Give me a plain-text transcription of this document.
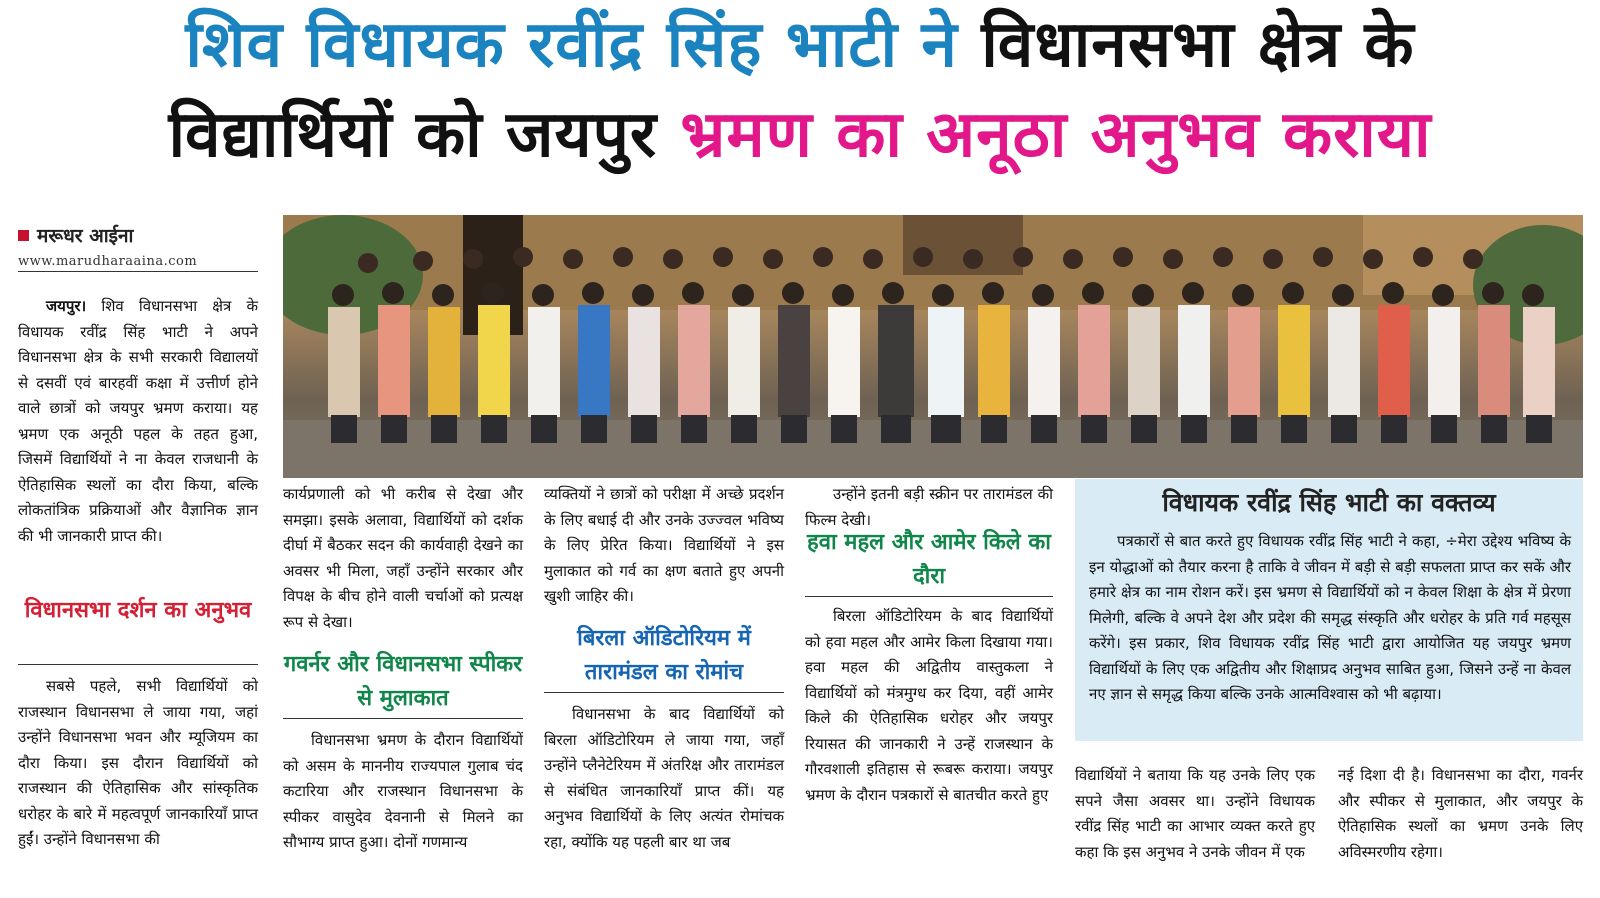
शिव विधायक रवींद्र सिंह भाटी ने विधानसभा क्षेत्र के
विद्यार्थियों को जयपुर भ्रमण का अनूठा अनुभव कराया
मरूधर आईना
www.marudharaaina.com

जयपुर। शिव विधानसभा क्षेत्र के विधायक रवींद्र सिंह भाटी ने अपने विधानसभा क्षेत्र के सभी सरकारी विद्यालयों से दसवीं एवं बारहवीं कक्षा में उत्तीर्ण होने वाले छात्रों को जयपुर भ्रमण कराया। यह भ्रमण एक अनूठी पहल के तहत हुआ, जिसमें विद्यार्थियों ने ना केवल राजधानी के ऐतिहासिक स्थलों का दौरा किया, बल्कि लोकतांत्रिक प्रक्रियाओं और वैज्ञानिक ज्ञान की भी जानकारी प्राप्त की।

विधानसभा दर्शन का अनुभव

सबसे पहले, सभी विद्यार्थियों को राजस्थान विधानसभा ले जाया गया, जहां उन्होंने विधानसभा भवन और म्यूजियम का दौरा किया। इस दौरान विद्यार्थियों को राजस्थान की ऐतिहासिक और सांस्कृतिक धरोहर के बारे में महत्वपूर्ण जानकारियाँ प्राप्त हुईं। उन्होंने विधानसभा की

कार्यप्रणाली को भी करीब से देखा और समझा। इसके अलावा, विद्यार्थियों को दर्शक दीर्घा में बैठकर सदन की कार्यवाही देखने का अवसर भी मिला, जहाँ उन्होंने सरकार और विपक्ष के बीच होने वाली चर्चाओं को प्रत्यक्ष रूप से देखा।
गवर्नर और विधानसभा स्पीकर से मुलाकात

विधानसभा भ्रमण के दौरान विद्यार्थियों को असम के माननीय राज्यपाल गुलाब चंद कटारिया और राजस्थान विधानसभा के स्पीकर वासुदेव देवनानी से मिलने का सौभाग्य प्राप्त हुआ। दोनों गणमान्य

व्यक्तियों ने छात्रों को परीक्षा में अच्छे प्रदर्शन के लिए बधाई दी और उनके उज्ज्वल भविष्य के लिए प्रेरित किया। विद्यार्थियों ने इस मुलाकात को गर्व का क्षण बताते हुए अपनी खुशी जाहिर की।
बिरला ऑडिटोरियम में तारामंडल का रोमांच

विधानसभा के बाद विद्यार्थियों को बिरला ऑडिटोरियम ले जाया गया, जहाँ उन्होंने प्लैनेटेरियम में अंतरिक्ष और तारामंडल से संबंधित जानकारियाँ प्राप्त कीं। यह अनुभव विद्यार्थियों के लिए अत्यंत रोमांचक रहा, क्योंकि यह पहली बार था जब

उन्होंने इतनी बड़ी स्क्रीन पर तारामंडल की फिल्म देखी।

हवा महल और आमेर किले का दौरा

बिरला ऑडिटोरियम के बाद विद्यार्थियों को हवा महल और आमेर किला दिखाया गया। हवा महल की अद्वितीय वास्तुकला ने विद्यार्थियों को मंत्रमुग्ध कर दिया, वहीं आमेर किले की ऐतिहासिक धरोहर और जयपुर रियासत की जानकारी ने उन्हें राजस्थान के गौरवशाली इतिहास से रूबरू कराया। जयपुर भ्रमण के दौरान पत्रकारों से बातचीत करते हुए

विधायक रवींद्र सिंह भाटी का वक्तव्य

पत्रकारों से बात करते हुए विधायक रवींद्र सिंह भाटी ने कहा, ÷मेरा उद्देश्य भविष्य के इन योद्धाओं को तैयार करना है ताकि वे जीवन में बड़ी से बड़ी सफलता प्राप्त कर सकें और हमारे क्षेत्र का नाम रोशन करें। इस भ्रमण से विद्यार्थियों को न केवल शिक्षा के क्षेत्र में प्रेरणा मिलेगी, बल्कि वे अपने देश और प्रदेश की समृद्ध संस्कृति और धरोहर के प्रति गर्व महसूस करेंगे। इस प्रकार, शिव विधायक रवींद्र सिंह भाटी द्वारा आयोजित यह जयपुर भ्रमण विद्यार्थियों के लिए एक अद्वितीय और शिक्षाप्रद अनुभव साबित हुआ, जिसने उन्हें ना केवल नए ज्ञान से समृद्ध किया बल्कि उनके आत्मविश्वास को भी बढ़ाया।

विद्यार्थियों ने बताया कि यह उनके लिए एक सपने जैसा अवसर था। उन्होंने विधायक रवींद्र सिंह भाटी का आभार व्यक्त करते हुए कहा कि इस अनुभव ने उनके जीवन में एक
नई दिशा दी है। विधानसभा का दौरा, गवर्नर और स्पीकर से मुलाकात, और जयपुर के ऐतिहासिक स्थलों का भ्रमण उनके लिए अविस्मरणीय रहेगा।
